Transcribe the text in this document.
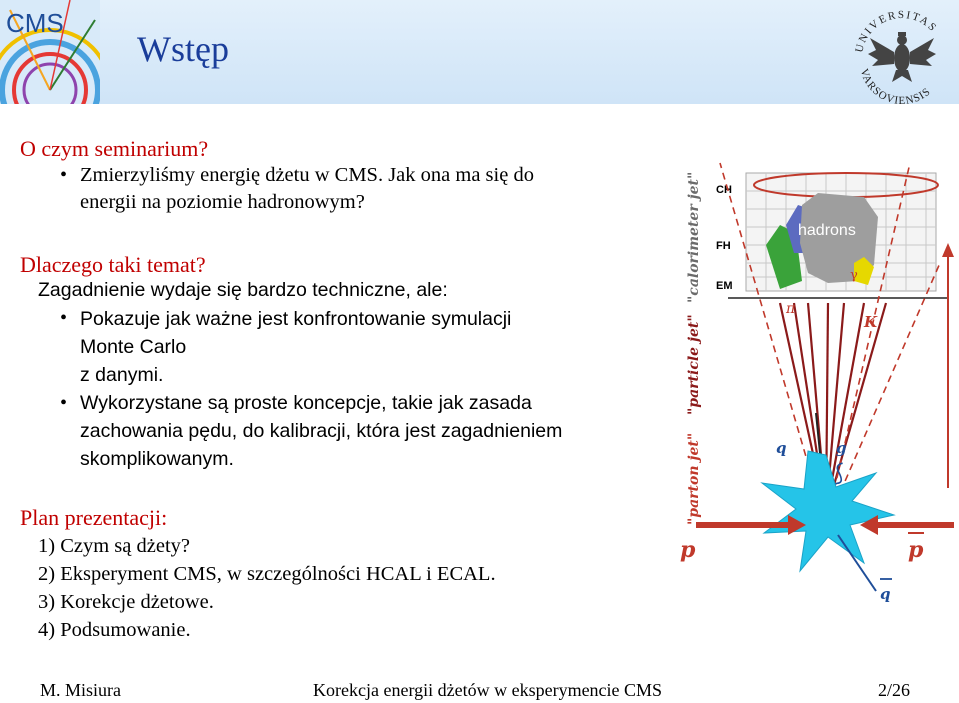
CMS
Wstęp	UNIVERSITAS
VARSOVIENSIS
O czym seminarium?
• Zmierzyliśmy energię dżetu w CMS. Jak ona ma się do
energii na poziomie hadronowym?
Dlaczego taki temat?
Zagadnienie wydaje się bardzo techniczne, ale:
• Pokazuje jak ważne jest konfrontowanie symulacji
Monte Carlo
z danymi.
• Wykorzystane są proste koncepcje, takie jak zasada
zachowania pędu, do kalibracji, która jest zagadnieniem
skomplikowanym.
Plan prezentacji:
1) Czym są dżety?
2) Eksperyment CMS, w szczególności HCAL i ECAL.
3) Korekcje dżetowe.
4) Podsumowanie.
CH
FH
EM
hadrons
γ
π
K
q	g
p	p
q
"calorimeter jet"
"particle jet"
"parton jet"
M. Misiura	Korekcja energii dżetów w eksperymencie CMS	2/26
